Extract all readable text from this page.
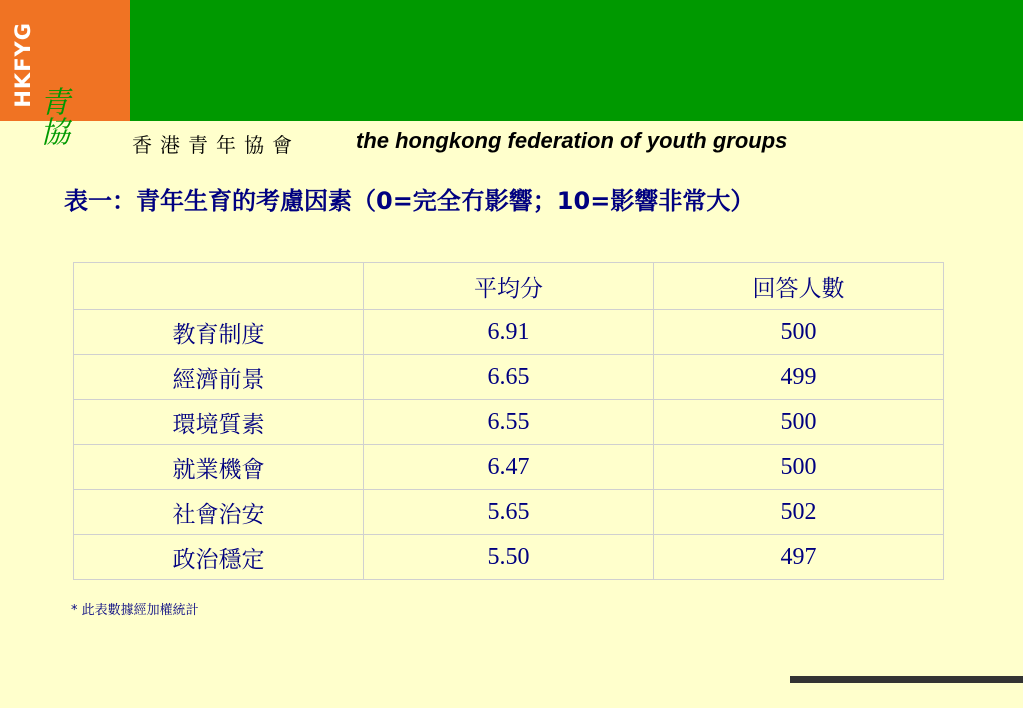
HKFYG
青協	香港青年協會	the hongkong federation of youth groups
表一：青年生育的考慮因素（0=完全冇影響；10=影響非常大）
	平均分	回答人數
教育制度	6.91	500
經濟前景	6.65	499
環境質素	6.55	500
就業機會	6.47	500
社會治安	5.65	502
政治穩定	5.50	497
* 此表數據經加權統計
